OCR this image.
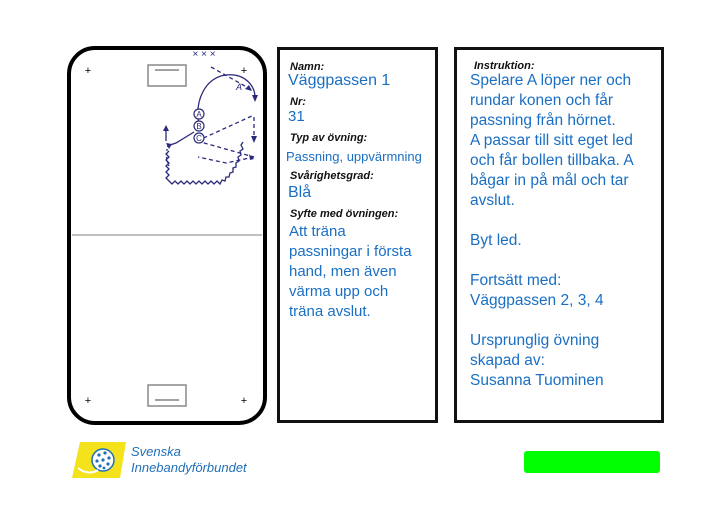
+	+
+	+
× × ×
A
A
B
C
Namn:
Väggpassen 1
Nr:
31
Typ av övning:
Passning, uppvärmning
Svårighetsgrad:
Blå
Syfte med övningen:
Att träna
passningar i första
hand, men även
värma upp och
träna avslut.
Instruktion:
Spelare A löper ner och
rundar konen och får
passning från hörnet.
A passar till sitt eget led
och får bollen tillbaka. A
bågar in på mål och tar
avslut.

Byt led.

Fortsätt med:
Väggpassen 2, 3, 4

Ursprunglig övning
skapad av:
Susanna Tuominen
Svenska
Innebandyförbundet
